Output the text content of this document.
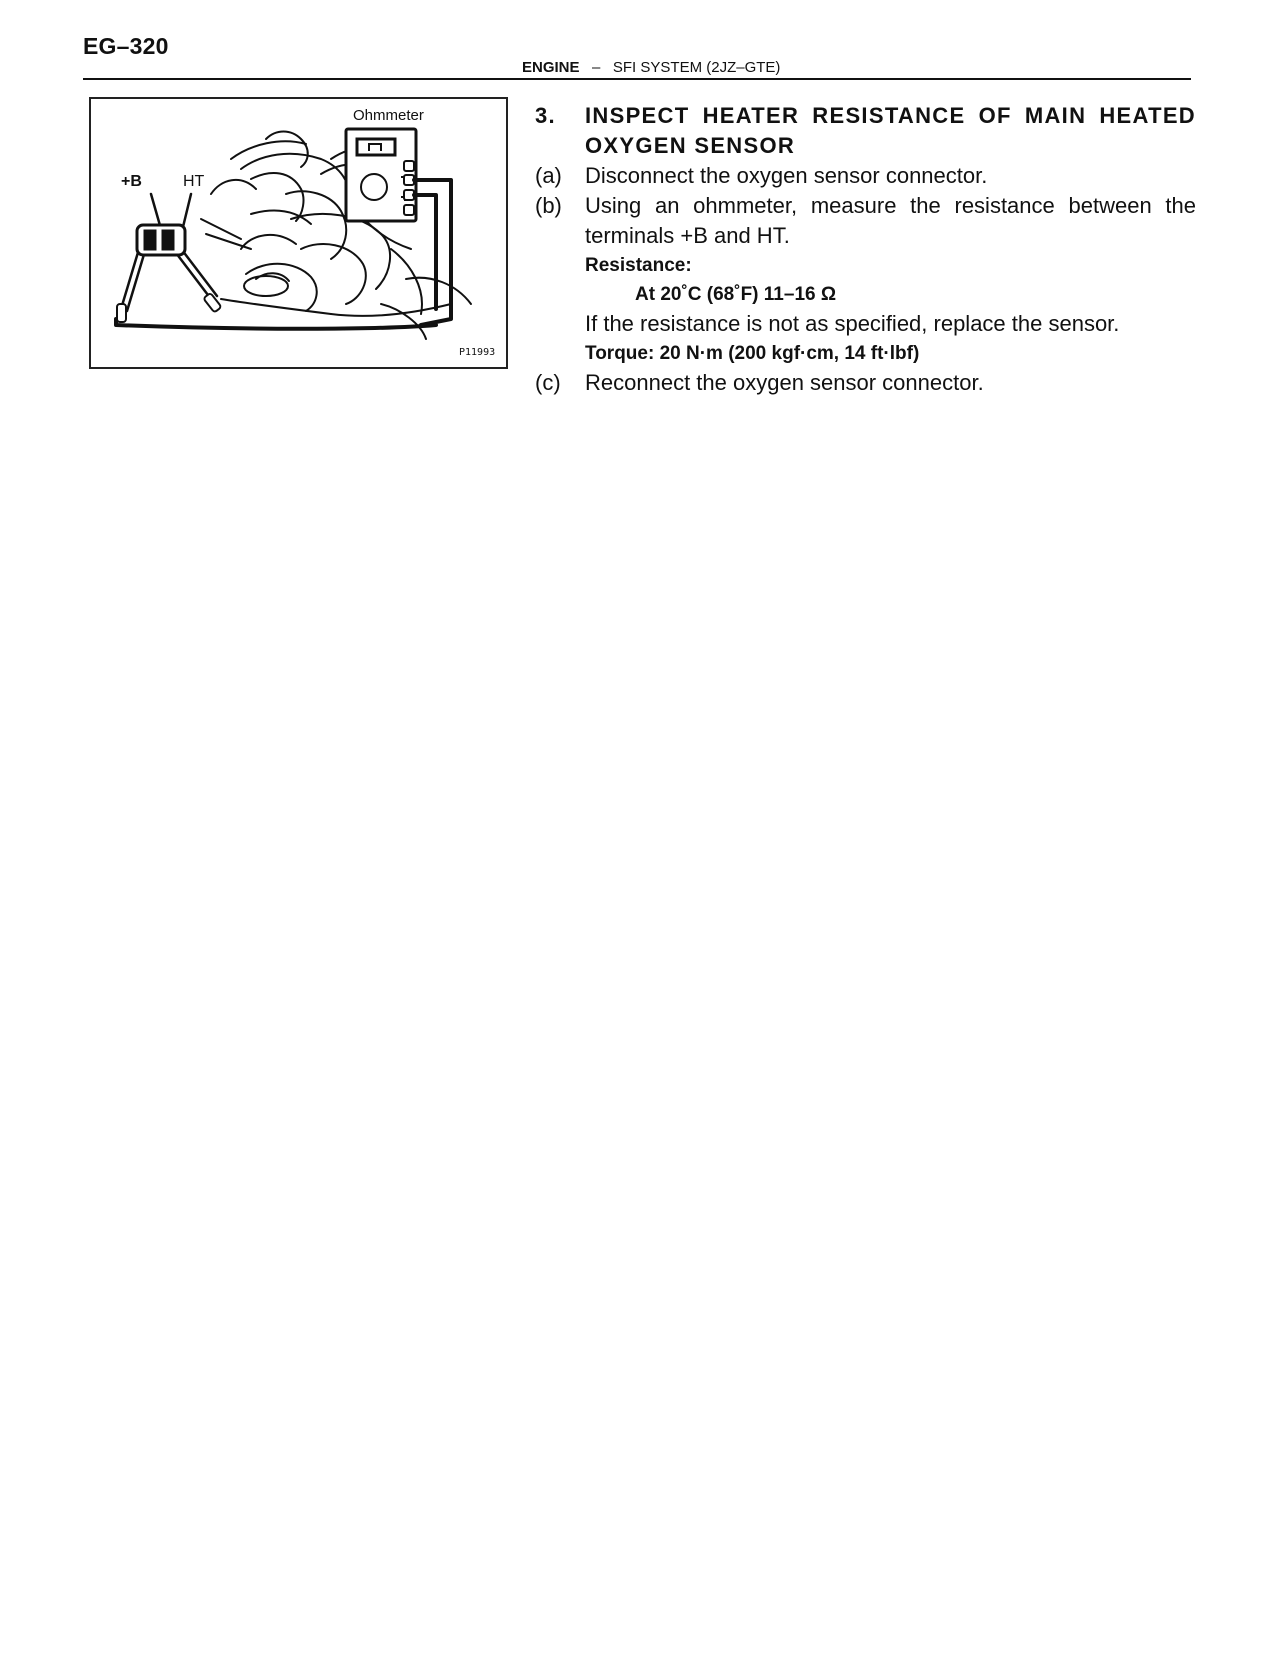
EG–320
ENGINE – SFI SYSTEM (2JZ–GTE)
Ohmmeter
+B	HT
P11993
3.	INSPECT HEATER RESISTANCE OF MAIN HEATED
OXYGEN SENSOR
(a)	Disconnect the oxygen sensor connector.
(b)	Using an ohmmeter, measure the resistance between the
terminals +B and HT.
Resistance:
At 20˚C (68˚F) 11–16 Ω
If the resistance is not as specified, replace the sensor.
Torque: 20 N·m (200 kgf·cm, 14 ft·lbf)
(c)	Reconnect the oxygen sensor connector.
